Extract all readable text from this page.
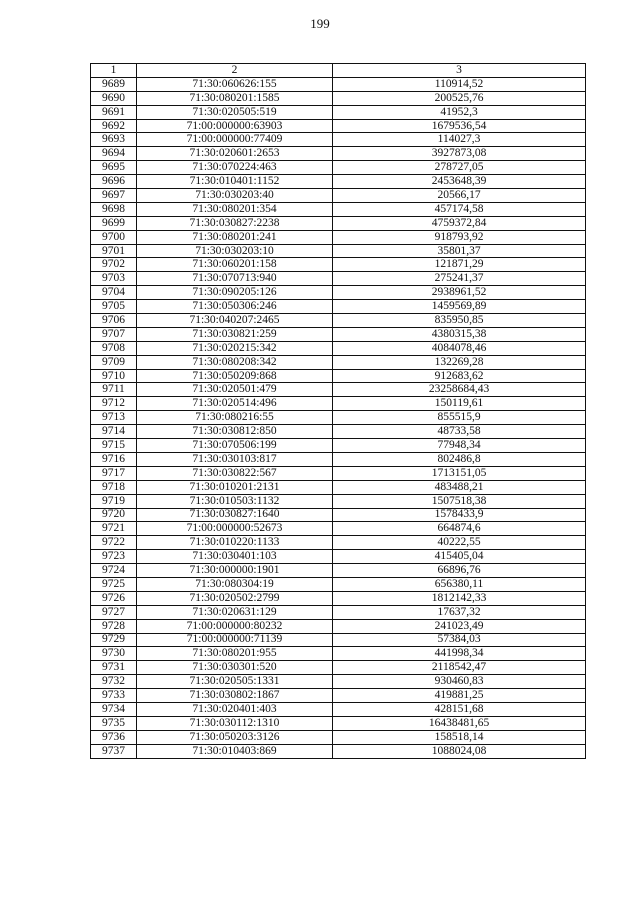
199
1	2	3
9689	71:30:060626:155	110914,52
9690	71:30:080201:1585	200525,76
9691	71:30:020505:519	41952,3
9692	71:00:000000:63903	1679536,54
9693	71:00:000000:77409	114027,3
9694	71:30:020601:2653	3927873,08
9695	71:30:070224:463	278727,05
9696	71:30:010401:1152	2453648,39
9697	71:30:030203:40	20566,17
9698	71:30:080201:354	457174,58
9699	71:30:030827:2238	4759372,84
9700	71:30:080201:241	918793,92
9701	71:30:030203:10	35801,37
9702	71:30:060201:158	121871,29
9703	71:30:070713:940	275241,37
9704	71:30:090205:126	2938961,52
9705	71:30:050306:246	1459569,89
9706	71:30:040207:2465	835950,85
9707	71:30:030821:259	4380315,38
9708	71:30:020215:342	4084078,46
9709	71:30:080208:342	132269,28
9710	71:30:050209:868	912683,62
9711	71:30:020501:479	23258684,43
9712	71:30:020514:496	150119,61
9713	71:30:080216:55	855515,9
9714	71:30:030812:850	48733,58
9715	71:30:070506:199	77948,34
9716	71:30:030103:817	802486,8
9717	71:30:030822:567	1713151,05
9718	71:30:010201:2131	483488,21
9719	71:30:010503:1132	1507518,38
9720	71:30:030827:1640	1578433,9
9721	71:00:000000:52673	664874,6
9722	71:30:010220:1133	40222,55
9723	71:30:030401:103	415405,04
9724	71:30:000000:1901	66896,76
9725	71:30:080304:19	656380,11
9726	71:30:020502:2799	1812142,33
9727	71:30:020631:129	17637,32
9728	71:00:000000:80232	241023,49
9729	71:00:000000:71139	57384,03
9730	71:30:080201:955	441998,34
9731	71:30:030301:520	2118542,47
9732	71:30:020505:1331	930460,83
9733	71:30:030802:1867	419881,25
9734	71:30:020401:403	428151,68
9735	71:30:030112:1310	16438481,65
9736	71:30:050203:3126	158518,14
9737	71:30:010403:869	1088024,08
